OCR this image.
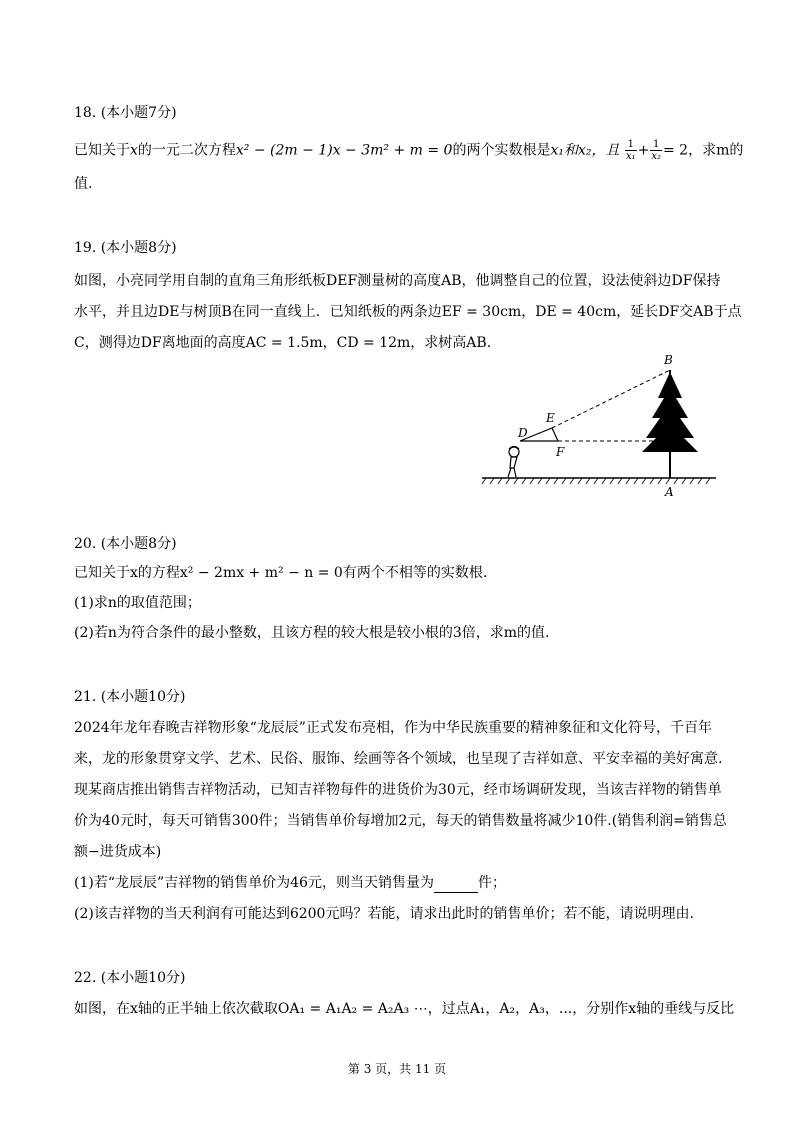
18. (本小题7分)
已知关于x的一元二次方程x² − (2m − 1)x − 3m² + m = 0的两个实数根是x₁和x₂，且 $\frac{1}{\text{x₁}} + \frac{1}{\text{x₂}} = 2$，求m的
值.
19. (本小题8分)
如图，小亮同学用自制的直角三角形纸板DEF测量树的高度AB，他调整自己的位置，设法使斜边DF保持
水平，并且边DE与树顶B在同一直线上．已知纸板的两条边EF = 30cm，DE = 40cm，延长DF交AB于点
C，测得边DF离地面的高度AC = 1.5m，CD = 12m，求树高AB.
B
E
D
F	C
A
20. (本小题8分)
已知关于x的方程x² − 2mx + m² − n = 0有两个不相等的实数根.
(1)求n的取值范围；
(2)若n为符合条件的最小整数，且该方程的较大根是较小根的3倍，求m的值.
21. (本小题10分)
2024年龙年春晚吉祥物形象“龙辰辰”正式发布亮相，作为中华民族重要的精神象征和文化符号，千百年
来，龙的形象贯穿文学、艺术、民俗、服饰、绘画等各个领域，也呈现了吉祥如意、平安幸福的美好寓意.
现某商店推出销售吉祥物活动，已知吉祥物每件的进货价为30元，经市场调研发现，当该吉祥物的销售单
价为40元时，每天可销售300件；当销售单价每增加2元，每天的销售数量将减少10件.(销售利润=销售总
额−进货成本)
(1)若“龙辰辰”吉祥物的销售单价为46元，则当天销售量为	件；
(2)该吉祥物的当天利润有可能达到6200元吗？若能，请求出此时的销售单价；若不能，请说明理由.
22. (本小题10分)
如图，在x轴的正半轴上依次截取OA₁ = A₁A₂ = A₂A₃ ⋯，过点A₁，A₂，A₃，...，分别作x轴的垂线与反比
第 3 页，共 11 页
